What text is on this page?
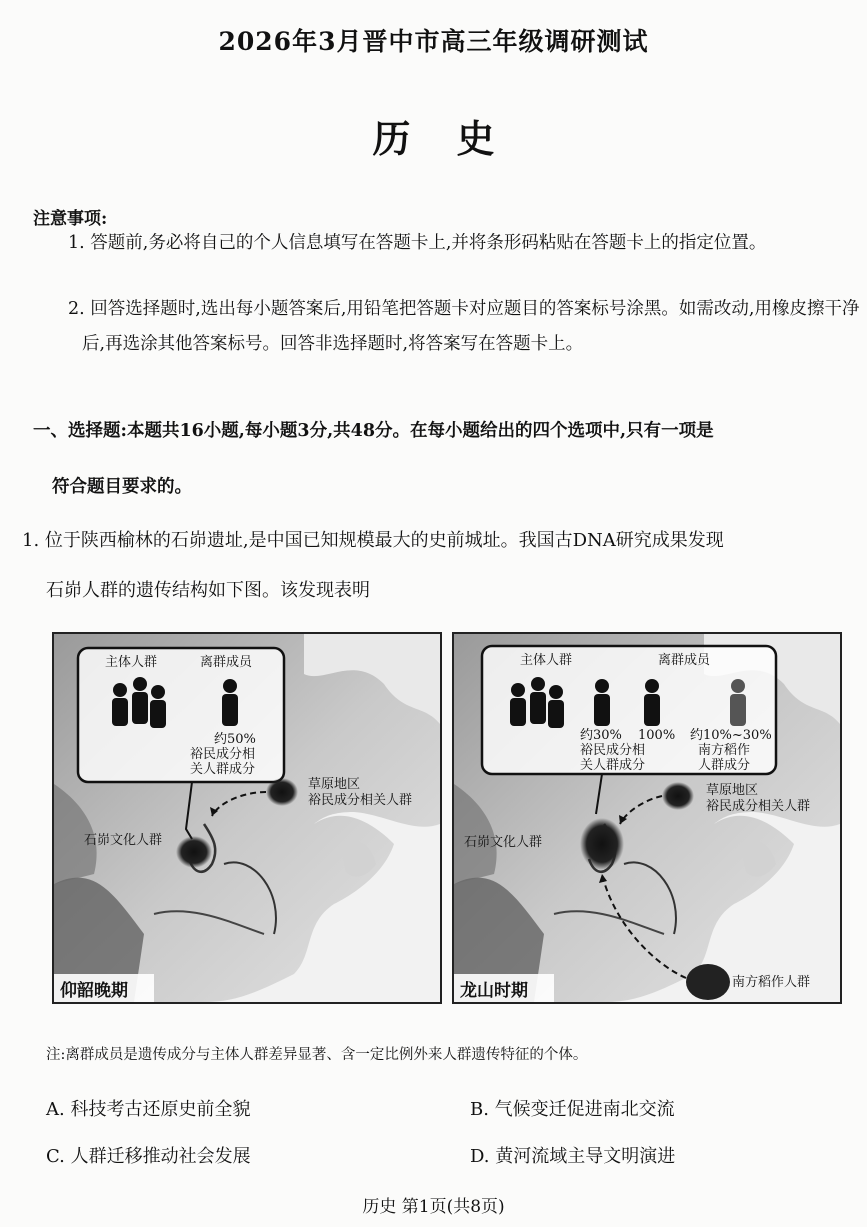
2026年3月晋中市高三年级调研测试
历史
注意事项:
1. 答题前,务必将自己的个人信息填写在答题卡上,并将条形码粘贴在答题卡上的指定位置。
2. 回答选择题时,选出每小题答案后,用铅笔把答题卡对应题目的答案标号涂黑。如需改动,用橡皮擦干净后,再选涂其他答案标号。回答非选择题时,将答案写在答题卡上。
一、选择题:本题共16小题,每小题3分,共48分。在每小题给出的四个选项中,只有一项是
符合题目要求的。
1. 位于陕西榆林的石峁遗址,是中国已知规模最大的史前城址。我国古DNA研究成果发现
石峁人群的遗传结构如下图。该发现表明
主体人群	离群成员
约50%
裕民成分相
关人群成分
草原地区
裕民成分相关人群
石峁文化人群
仰韶晚期
主体人群	离群成员
约30% 100% 约10%~30%
裕民成分相
关人群成分
南方稻作
人群成分
草原地区
裕民成分相关人群
石峁文化人群
南方稻作人群
龙山时期
注:离群成员是遗传成分与主体人群差异显著、含一定比例外来人群遗传特征的个体。
A. 科技考古还原史前全貌	B. 气候变迁促进南北交流
C. 人群迁移推动社会发展	D. 黄河流域主导文明演进
历史 第1页(共8页)
